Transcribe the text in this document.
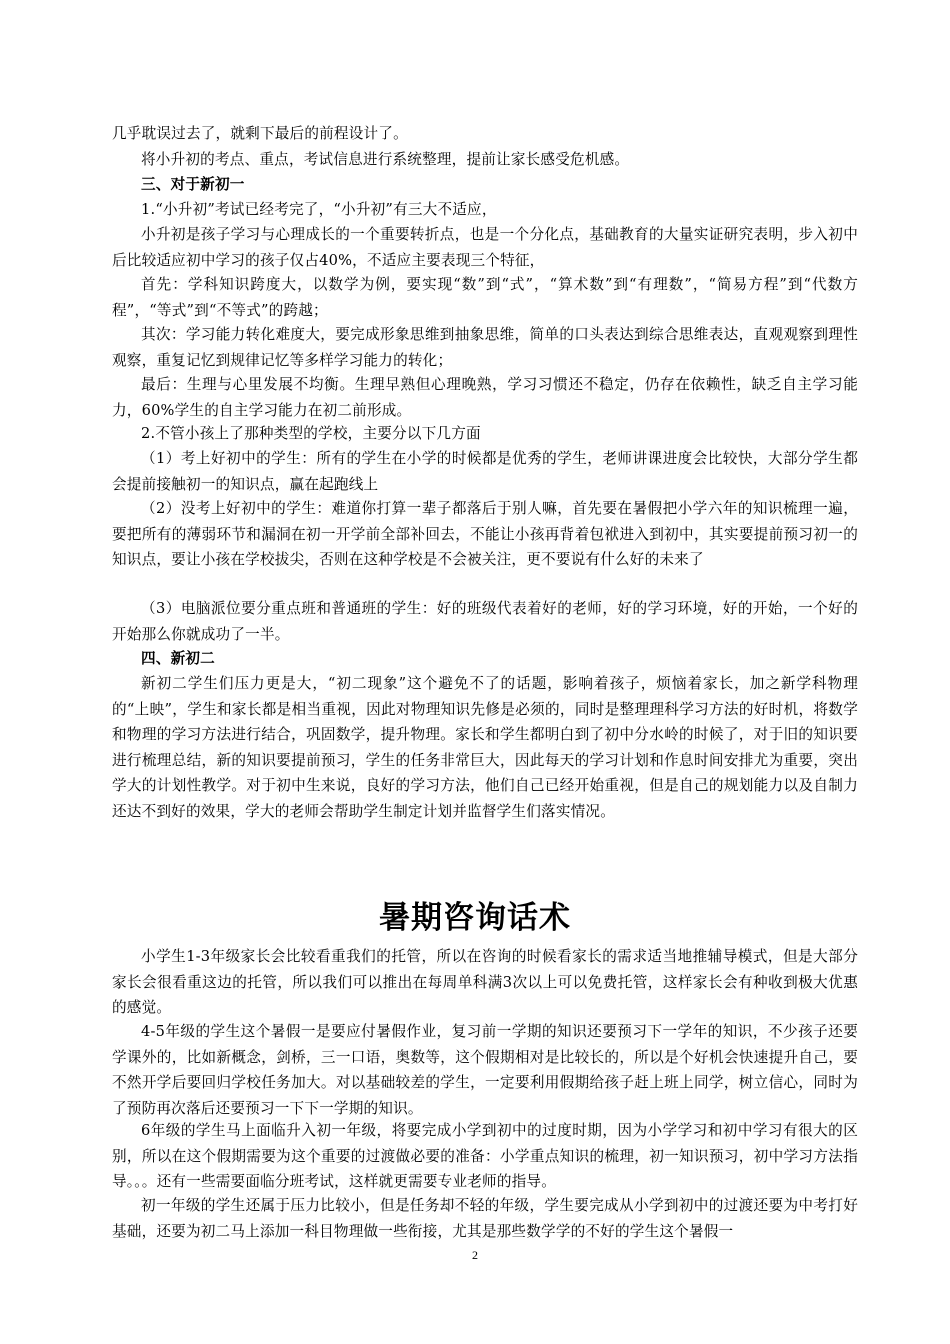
几乎耽误过去了，就剩下最后的前程设计了。

将小升初的考点、重点，考试信息进行系统整理，提前让家长感受危机感。

三、对于新初一

1.“小升初”考试已经考完了，“小升初”有三大不适应，

小升初是孩子学习与心理成长的一个重要转折点，也是一个分化点，基础教育的大量实证研究表明，步入初中后比较适应初中学习的孩子仅占40%，不适应主要表现三个特征，

首先：学科知识跨度大，以数学为例，要实现“数”到“式”，“算术数”到“有理数”，“简易方程”到“代数方程”，“等式”到“不等式”的跨越；

其次：学习能力转化难度大，要完成形象思维到抽象思维，简单的口头表达到综合思维表达，直观观察到理性观察，重复记忆到规律记忆等多样学习能力的转化；

最后：生理与心里发展不均衡。生理早熟但心理晚熟，学习习惯还不稳定，仍存在依赖性，缺乏自主学习能力，60%学生的自主学习能力在初二前形成。

2.不管小孩上了那种类型的学校，主要分以下几方面

（1）考上好初中的学生：所有的学生在小学的时候都是优秀的学生，老师讲课进度会比较快，大部分学生都会提前接触初一的知识点，赢在起跑线上

（2）没考上好初中的学生：难道你打算一辈子都落后于别人嘛，首先要在暑假把小学六年的知识梳理一遍，要把所有的薄弱环节和漏洞在初一开学前全部补回去，不能让小孩再背着包袱进入到初中，其实要提前预习初一的知识点，要让小孩在学校拔尖，否则在这种学校是不会被关注，更不要说有什么好的未来了

（3）电脑派位要分重点班和普通班的学生：好的班级代表着好的老师，好的学习环境，好的开始，一个好的开始那么你就成功了一半。

四、新初二

新初二学生们压力更是大，“初二现象”这个避免不了的话题，影响着孩子，烦恼着家长，加之新学科物理的“上映”，学生和家长都是相当重视，因此对物理知识先修是必须的，同时是整理理科学习方法的好时机，将数学和物理的学习方法进行结合，巩固数学，提升物理。家长和学生都明白到了初中分水岭的时候了，对于旧的知识要进行梳理总结，新的知识要提前预习，学生的任务非常巨大，因此每天的学习计划和作息时间安排尤为重要，突出学大的计划性教学。对于初中生来说，良好的学习方法，他们自己已经开始重视，但是自己的规划能力以及自制力还达不到好的效果，学大的老师会帮助学生制定计划并监督学生们落实情况。

暑期咨询话术

小学生1-3年级家长会比较看重我们的托管，所以在咨询的时候看家长的需求适当地推辅导模式，但是大部分家长会很看重这边的托管，所以我们可以推出在每周单科满3次以上可以免费托管，这样家长会有种收到极大优惠的感觉。

4-5年级的学生这个暑假一是要应付暑假作业，复习前一学期的知识还要预习下一学年的知识，不少孩子还要学课外的，比如新概念，剑桥，三一口语，奥数等，这个假期相对是比较长的，所以是个好机会快速提升自己，要不然开学后要回归学校任务加大。对以基础较差的学生，一定要利用假期给孩子赶上班上同学，树立信心，同时为了预防再次落后还要预习一下下一学期的知识。

6年级的学生马上面临升入初一年级，将要完成小学到初中的过度时期，因为小学学习和初中学习有很大的区别，所以在这个假期需要为这个重要的过渡做必要的准备：小学重点知识的梳理，初一知识预习，初中学习方法指导。。。还有一些需要面临分班考试，这样就更需要专业老师的指导。

初一年级的学生还属于压力比较小，但是任务却不轻的年级，学生要完成从小学到初中的过渡还要为中考打好基础，还要为初二马上添加一科目物理做一些衔接，尤其是那些数学学的不好的学生这个暑假一

2
